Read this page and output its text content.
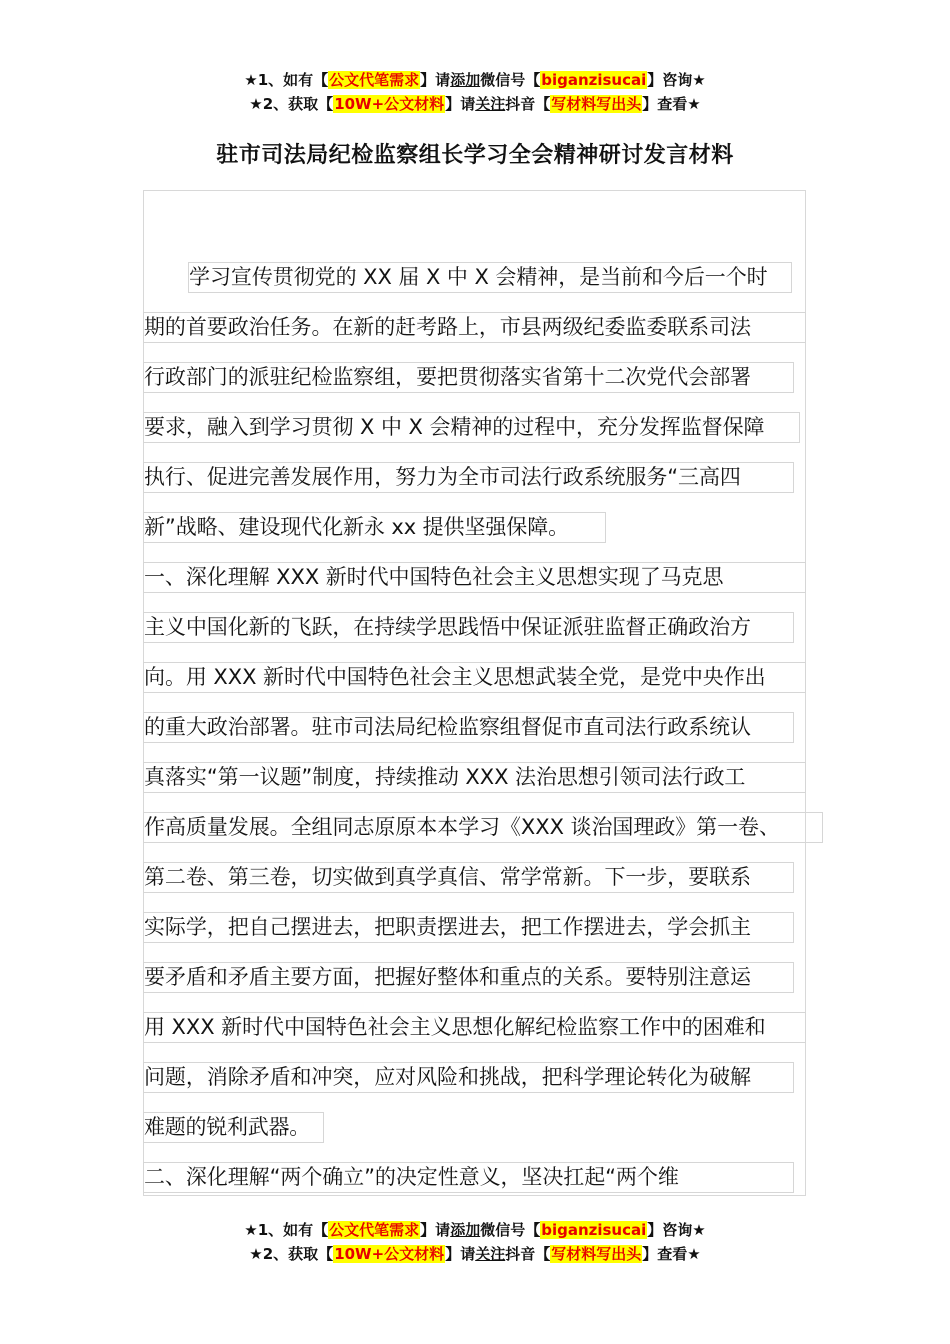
★1、如有【公文代笔需求】请添加微信号【biganzisucai】咨询★
★2、获取【10W+公文材料】请关注抖音【写材料写出头】查看★
驻市司法局纪检监察组长学习全会精神研讨发言材料
学习宣传贯彻党的 XX 届 X 中 X 会精神，是当前和今后一个时
期的首要政治任务。在新的赶考路上，市县两级纪委监委联系司法
行政部门的派驻纪检监察组，要把贯彻落实省第十二次党代会部署
要求，融入到学习贯彻 X 中 X 会精神的过程中，充分发挥监督保障
执行、促进完善发展作用，努力为全市司法行政系统服务“三高四
新”战略、建设现代化新永 xx 提供坚强保障。
一、深化理解 XXX 新时代中国特色社会主义思想实现了马克思
主义中国化新的飞跃，在持续学思践悟中保证派驻监督正确政治方
向。用 XXX 新时代中国特色社会主义思想武装全党，是党中央作出
的重大政治部署。驻市司法局纪检监察组督促市直司法行政系统认
真落实“第一议题”制度，持续推动 XXX 法治思想引领司法行政工
作高质量发展。全组同志原原本本学习《XXX 谈治国理政》第一卷、
第二卷、第三卷，切实做到真学真信、常学常新。下一步，要联系
实际学，把自己摆进去，把职责摆进去，把工作摆进去，学会抓主
要矛盾和矛盾主要方面，把握好整体和重点的关系。要特别注意运
用 XXX 新时代中国特色社会主义思想化解纪检监察工作中的困难和
问题，消除矛盾和冲突，应对风险和挑战，把科学理论转化为破解
难题的锐利武器。
二、深化理解“两个确立”的决定性意义，坚决扛起“两个维
★1、如有【公文代笔需求】请添加微信号【biganzisucai】咨询★
★2、获取【10W+公文材料】请关注抖音【写材料写出头】查看★
